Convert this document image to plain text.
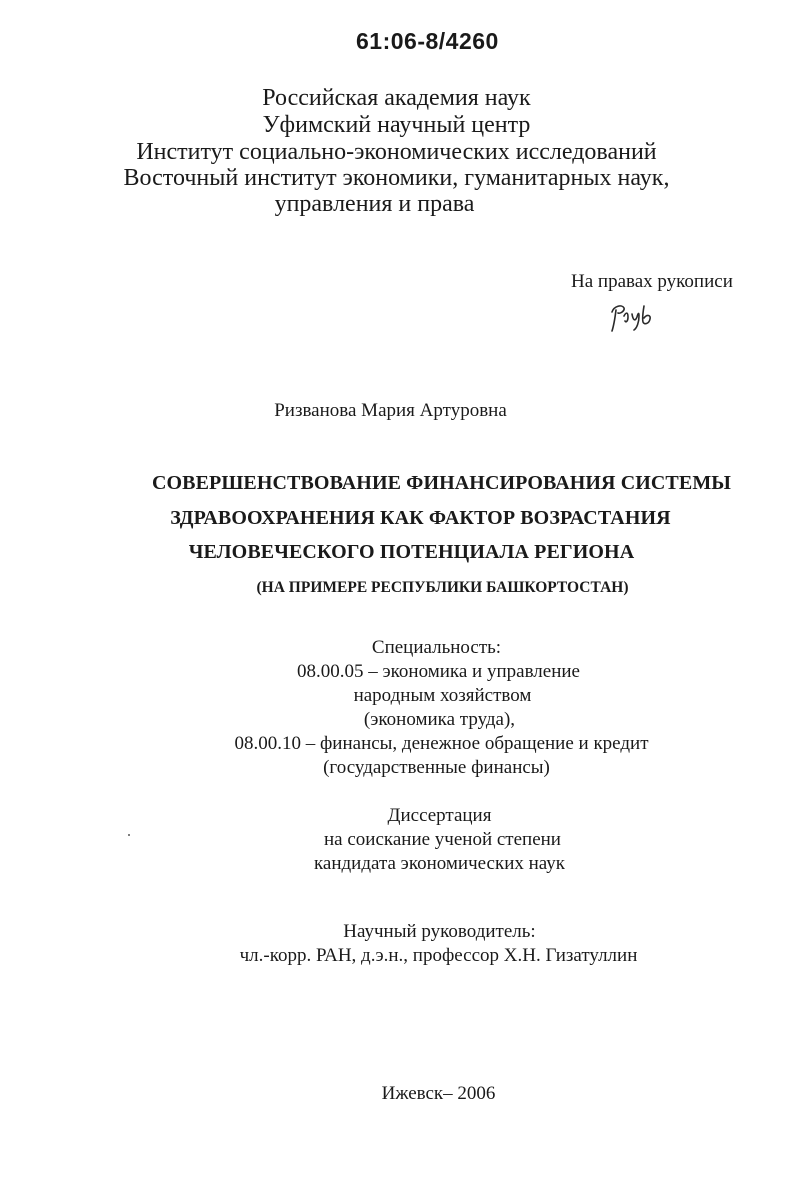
61:06-8/4260
Российская академия наук
Уфимский научный центр
Институт социально-экономических исследований
Восточный институт экономики, гуманитарных наук,
управления и права
На правах рукописи
Ризванова Мария Артуровна
СОВЕРШЕНСТВОВАНИЕ ФИНАНСИРОВАНИЯ СИСТЕМЫ
ЗДРАВООХРАНЕНИЯ КАК ФАКТОР ВОЗРАСТАНИЯ
ЧЕЛОВЕЧЕСКОГО ПОТЕНЦИАЛА РЕГИОНА
(НА ПРИМЕРЕ РЕСПУБЛИКИ БАШКОРТОСТАН)
Специальность:
08.00.05 – экономика и управление
народным хозяйством
(экономика труда),
08.00.10 – финансы, денежное обращение и кредит
(государственные финансы)
Диссертация
на соискание ученой степени
кандидата экономических наук
Научный руководитель:
чл.-корр. РАН, д.э.н., профессор Х.Н. Гизатуллин
Ижевск– 2006
